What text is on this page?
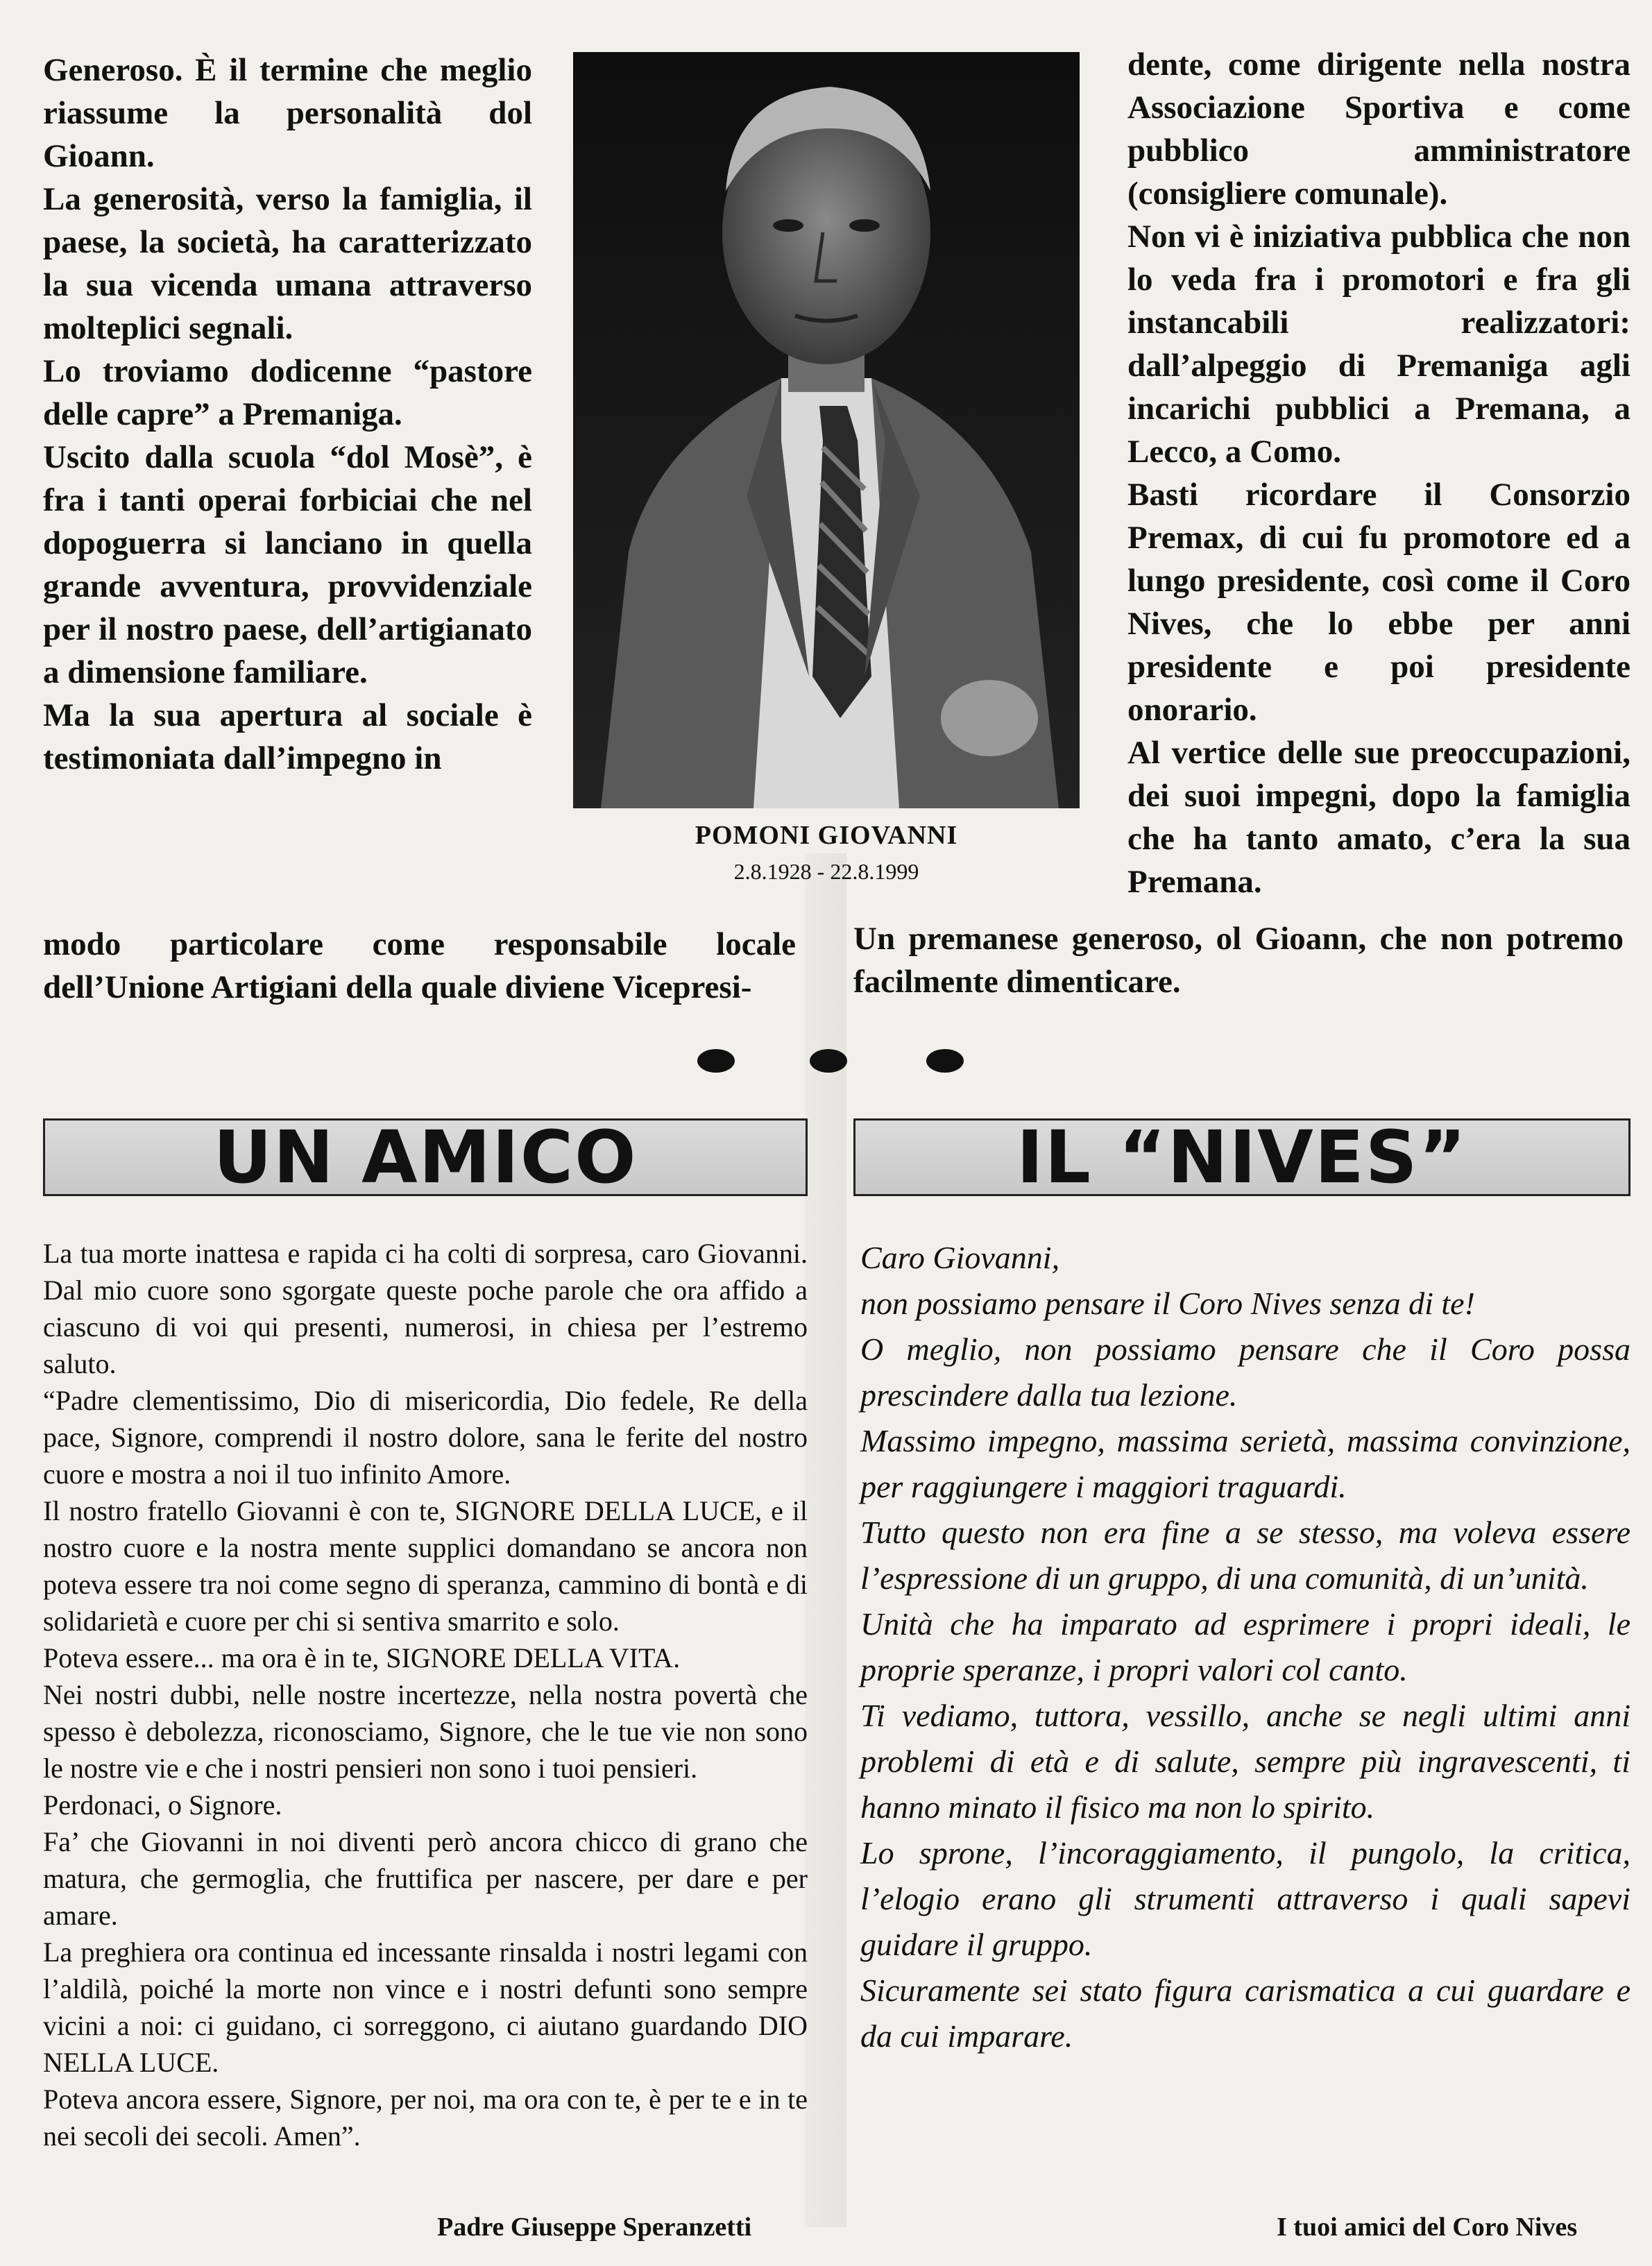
Generoso. È il termine che meglio riassume la personalità dol Gioann.

La generosità, verso la famiglia, il paese, la società, ha caratterizzato la sua vicenda umana attraverso molteplici segnali.

Lo troviamo dodicenne “pastore delle capre” a Premaniga.

Uscito dalla scuola “dol Mosè”, è fra i tanti operai forbiciai che nel dopoguerra si lanciano in quella grande avventura, provvidenziale per il nostro paese, dell’artigianato a dimensione familiare.

Ma la sua apertura al sociale è testimoniata dall’impegno in

POMONI GIOVANNI
2.8.1928 - 22.8.1999

dente, come dirigente nella nostra Associazione Sportiva e come pubblico amministratore (consigliere comunale).

Non vi è iniziativa pubblica che non lo veda fra i promotori e fra gli instancabili realizzatori: dall’alpeggio di Premaniga agli incarichi pubblici a Premana, a Lecco, a Como.

Basti ricordare il Consorzio Premax, di cui fu promotore ed a lungo presidente, così come il Coro Nives, che lo ebbe per anni presidente e poi presidente onorario.

Al vertice delle sue preoccupazioni, dei suoi impegni, dopo la famiglia che ha tanto amato, c’era la sua Premana.

modo particolare come responsabile locale dell’Unione Artigiani della quale diviene Vicepresi-

Un premanese generoso, ol Gioann, che non potremo facilmente dimenticare.

UN AMICO	IL “NIVES”

La tua morte inattesa e rapida ci ha colti di sorpresa, caro Giovanni. Dal mio cuore sono sgorgate queste poche parole che ora affido a ciascuno di voi qui presenti, numerosi, in chiesa per l’estremo saluto.

“Padre clementissimo, Dio di misericordia, Dio fedele, Re della pace, Signore, comprendi il nostro dolore, sana le ferite del nostro cuore e mostra a noi il tuo infinito Amore.

Il nostro fratello Giovanni è con te, SIGNORE DELLA LUCE, e il nostro cuore e la nostra mente supplici domandano se ancora non poteva essere tra noi come segno di speranza, cammino di bontà e di solidarietà e cuore per chi si sentiva smarrito e solo.

Poteva essere... ma ora è in te, SIGNORE DELLA VITA.

Nei nostri dubbi, nelle nostre incertezze, nella nostra povertà che spesso è debolezza, riconosciamo, Signore, che le tue vie non sono le nostre vie e che i nostri pensieri non sono i tuoi pensieri.

Perdonaci, o Signore.

Fa’ che Giovanni in noi diventi però ancora chicco di grano che matura, che germoglia, che fruttifica per nascere, per dare e per amare.

La preghiera ora continua ed incessante rinsalda i nostri legami con l’aldilà, poiché la morte non vince e i nostri defunti sono sempre vicini a noi: ci guidano, ci sorreggono, ci aiutano guardando DIO NELLA LUCE.

Poteva ancora essere, Signore, per noi, ma ora con te, è per te e in te nei secoli dei secoli. Amen”.

Padre Giuseppe Speranzetti

Caro Giovanni,

non possiamo pensare il Coro Nives senza di te!

O meglio, non possiamo pensare che il Coro possa prescindere dalla tua lezione.

Massimo impegno, massima serietà, massima convinzione, per raggiungere i maggiori traguardi.

Tutto questo non era fine a se stesso, ma voleva essere l’espressione di un gruppo, di una comunità, di un’unità.

Unità che ha imparato ad esprimere i propri ideali, le proprie speranze, i propri valori col canto.

Ti vediamo, tuttora, vessillo, anche se negli ultimi anni problemi di età e di salute, sempre più ingravescenti, ti hanno minato il fisico ma non lo spirito.

Lo sprone, l’incoraggiamento, il pungolo, la critica, l’elogio erano gli strumenti attraverso i quali sapevi guidare il gruppo.

Sicuramente sei stato figura carismatica a cui guardare e da cui imparare.

I tuoi amici del Coro Nives
